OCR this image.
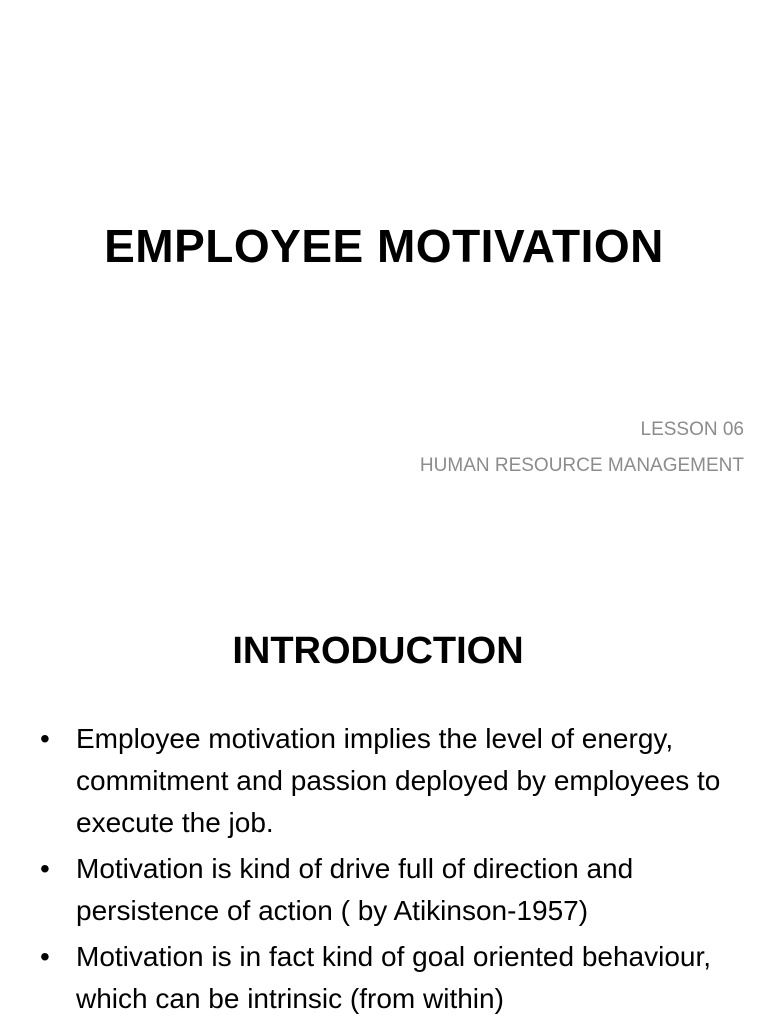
EMPLOYEE MOTIVATION
LESSON 06
HUMAN RESOURCE MANAGEMENT
INTRODUCTION
• Employee motivation implies the level of energy, commitment and passion deployed by employees to execute the job.
• Motivation is kind of drive full of direction and persistence of action ( by Atikinson-1957)
• Motivation is in fact kind of goal oriented behaviour, which can be intrinsic (from within)
